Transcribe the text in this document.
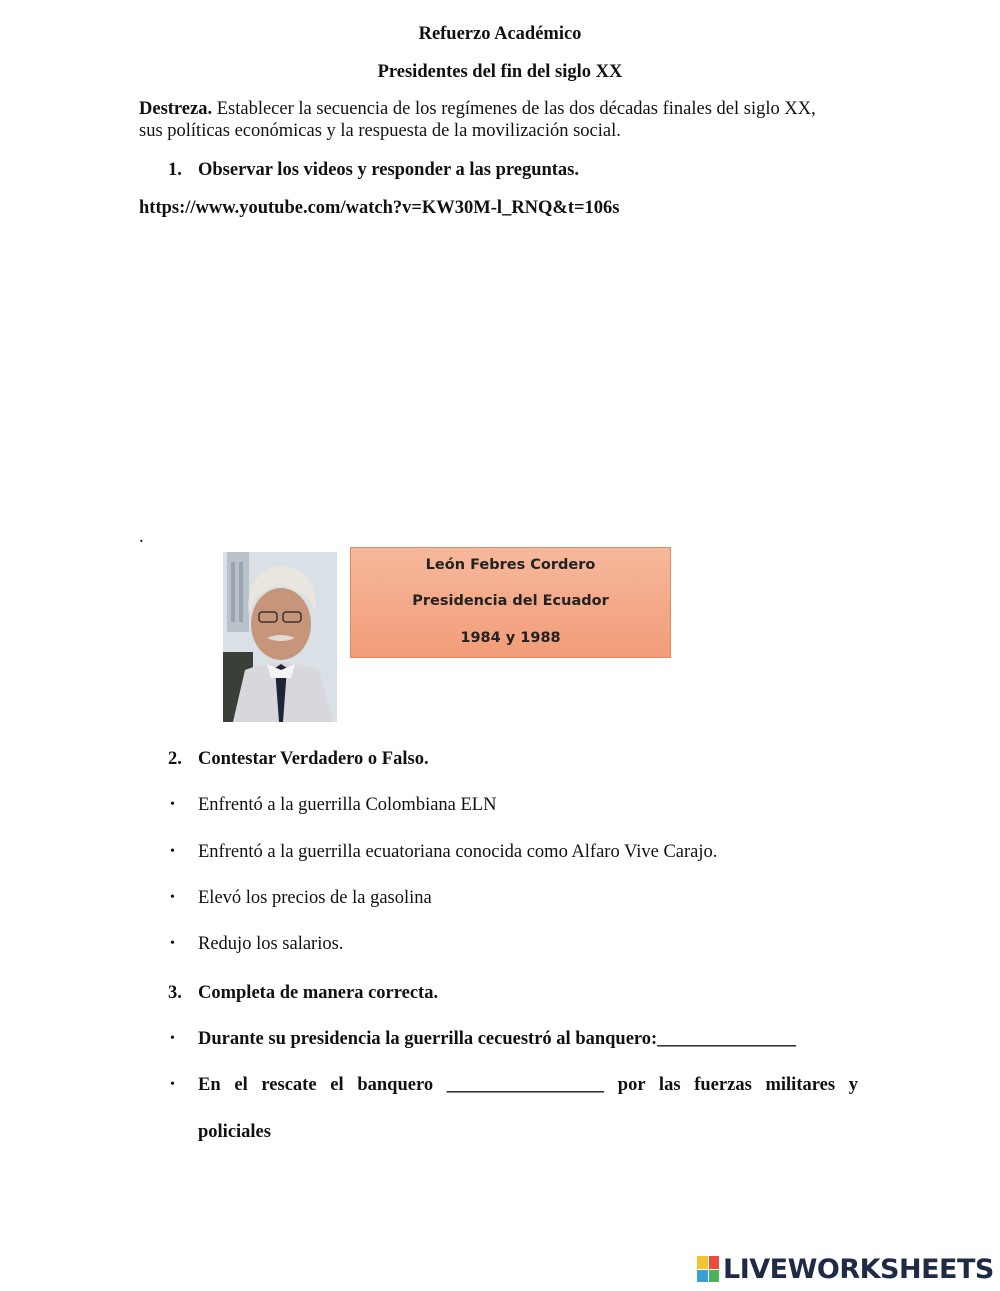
Refuerzo Académico
Presidentes del fin del siglo XX
Destreza. Establecer la secuencia de los regímenes de las dos décadas finales del siglo XX,
sus políticas económicas y la respuesta de la movilización social.
1. Observar los videos y responder a las preguntas.
https://www.youtube.com/watch?v=KW30M-l_RNQ&t=106s
.
León Febres Cordero
Presidencia del Ecuador
1984 y 1988
2. Contestar Verdadero o Falso.
• Enfrentó a la guerrilla Colombiana ELN
• Enfrentó a la guerrilla ecuatoriana conocida como Alfaro Vive Carajo.
• Elevó los precios de la gasolina
• Redujo los salarios.
3. Completa de manera correcta.
• Durante su presidencia la guerrilla cecuestró al banquero:_______________
• En el rescate el banquero _________________ por las fuerzas militares y
policiales
LIVEWORKSHEETS
